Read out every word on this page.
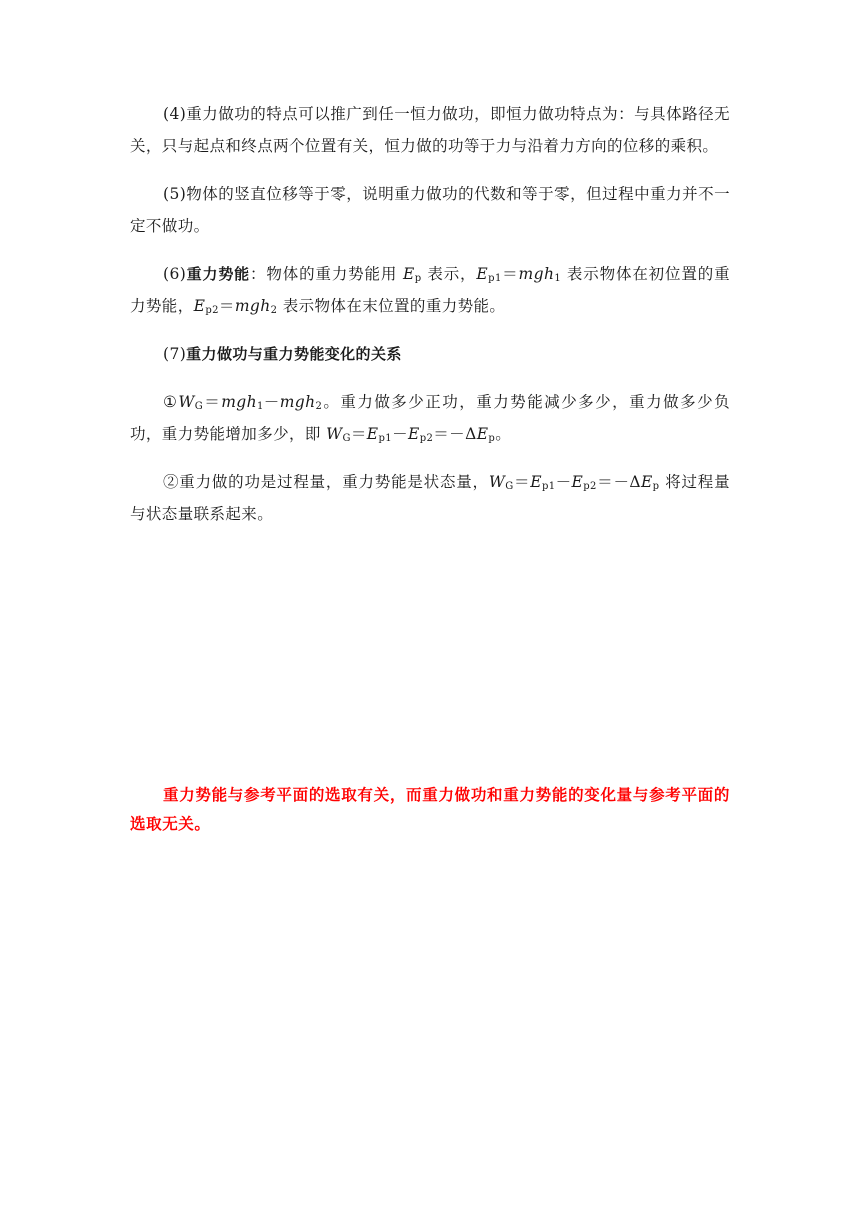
(4)重力做功的特点可以推广到任一恒力做功，即恒力做功特点为：与具体路径无关，只与起点和终点两个位置有关，恒力做的功等于力与沿着力方向的位移的乘积。

(5)物体的竖直位移等于零，说明重力做功的代数和等于零，但过程中重力并不一定不做功。

(6)重力势能：物体的重力势能用 $E_p$ 表示，$E_{p1}=mgh_1$ 表示物体在初位置的重力势能，$E_{p2}=mgh_2$ 表示物体在末位置的重力势能。

(7)重力做功与重力势能变化的关系

$①W_G=mgh_1-mgh_2$。重力做多少正功，重力势能减少多少，重力做多少负功，重力势能增加多少，即 $W_G=E_{p1}-E_{p2}=-\Delta E_p$。

②重力做的功是过程量，重力势能是状态量，$W_G=E_{p1}-E_{p2}=-\Delta E_p$ 将过程量与状态量联系起来。

重力势能与参考平面的选取有关，而重力做功和重力势能的变化量与参考平面的选取无关。
